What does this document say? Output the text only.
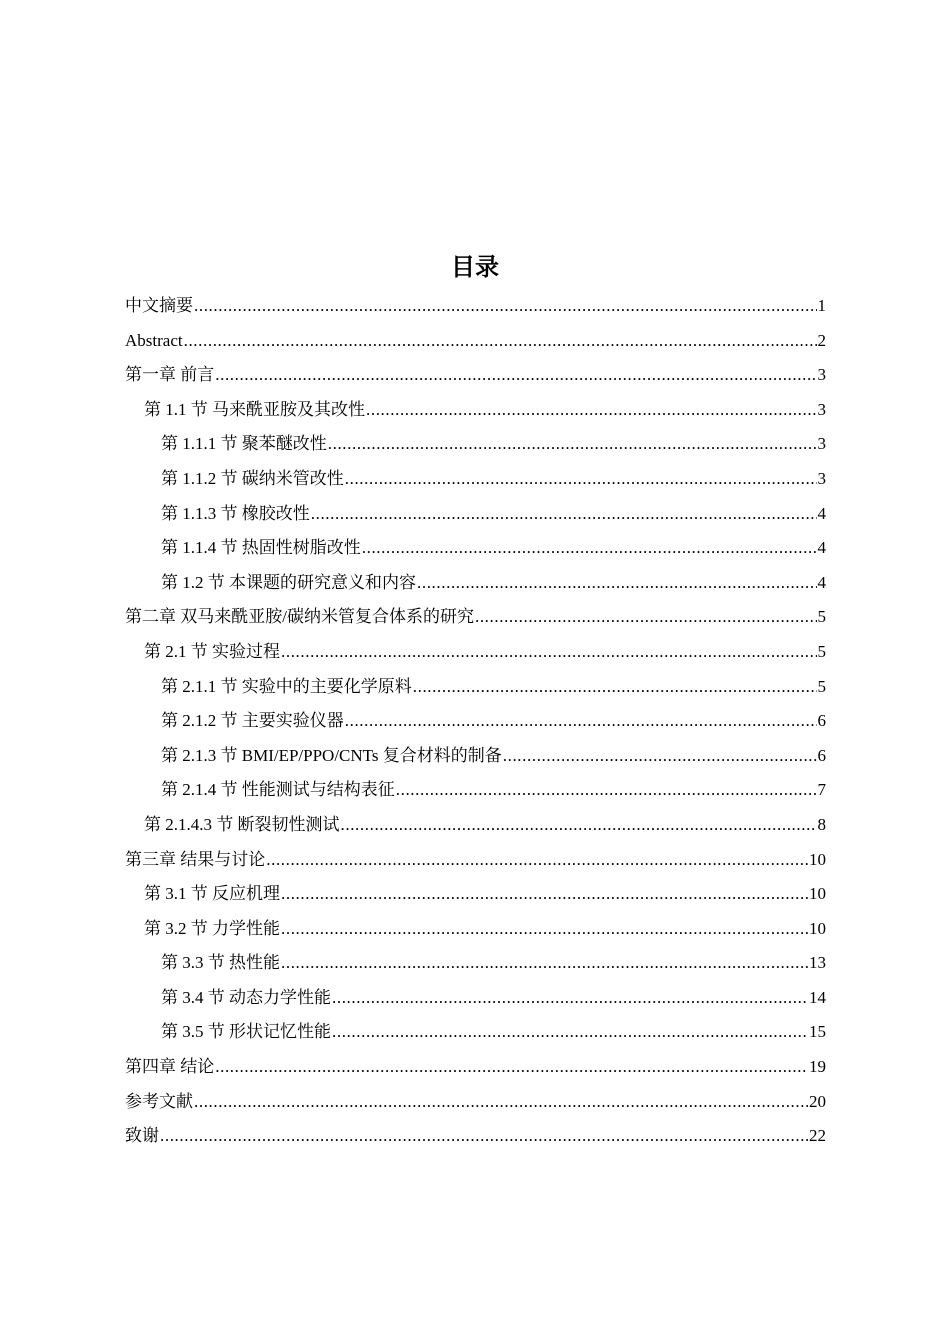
目录
中文摘要 .....	1
Abstract .....	2
第一章 前言 .....	3
第 1.1 节 马来酰亚胺及其改性 .....	3
第 1.1.1 节 聚苯醚改性 .....	3
第 1.1.2 节 碳纳米管改性 .....	3
第 1.1.3 节 橡胶改性 .....	4
第 1.1.4 节 热固性树脂改性 .....	4
第 1.2 节 本课题的研究意义和内容 .....	4
第二章 双马来酰亚胺/碳纳米管复合体系的研究 .....	5
第 2.1 节 实验过程 .....	5
第 2.1.1 节 实验中的主要化学原料 .....	5
第 2.1.2 节 主要实验仪器 .....	6
第 2.1.3 节 BMI/EP/PPO/CNTs 复合材料的制备 .....	6
第 2.1.4 节 性能测试与结构表征 .....	7
第 2.1.4.3 节 断裂韧性测试 .....	8
第三章 结果与讨论 .....	10
第 3.1 节 反应机理 .....	10
第 3.2 节 力学性能 .....	10
第 3.3 节 热性能 .....	13
第 3.4 节 动态力学性能 .....	14
第 3.5 节 形状记忆性能 .....	15
第四章 结论 .....	19
参考文献 .....	20
致谢 .....	22
